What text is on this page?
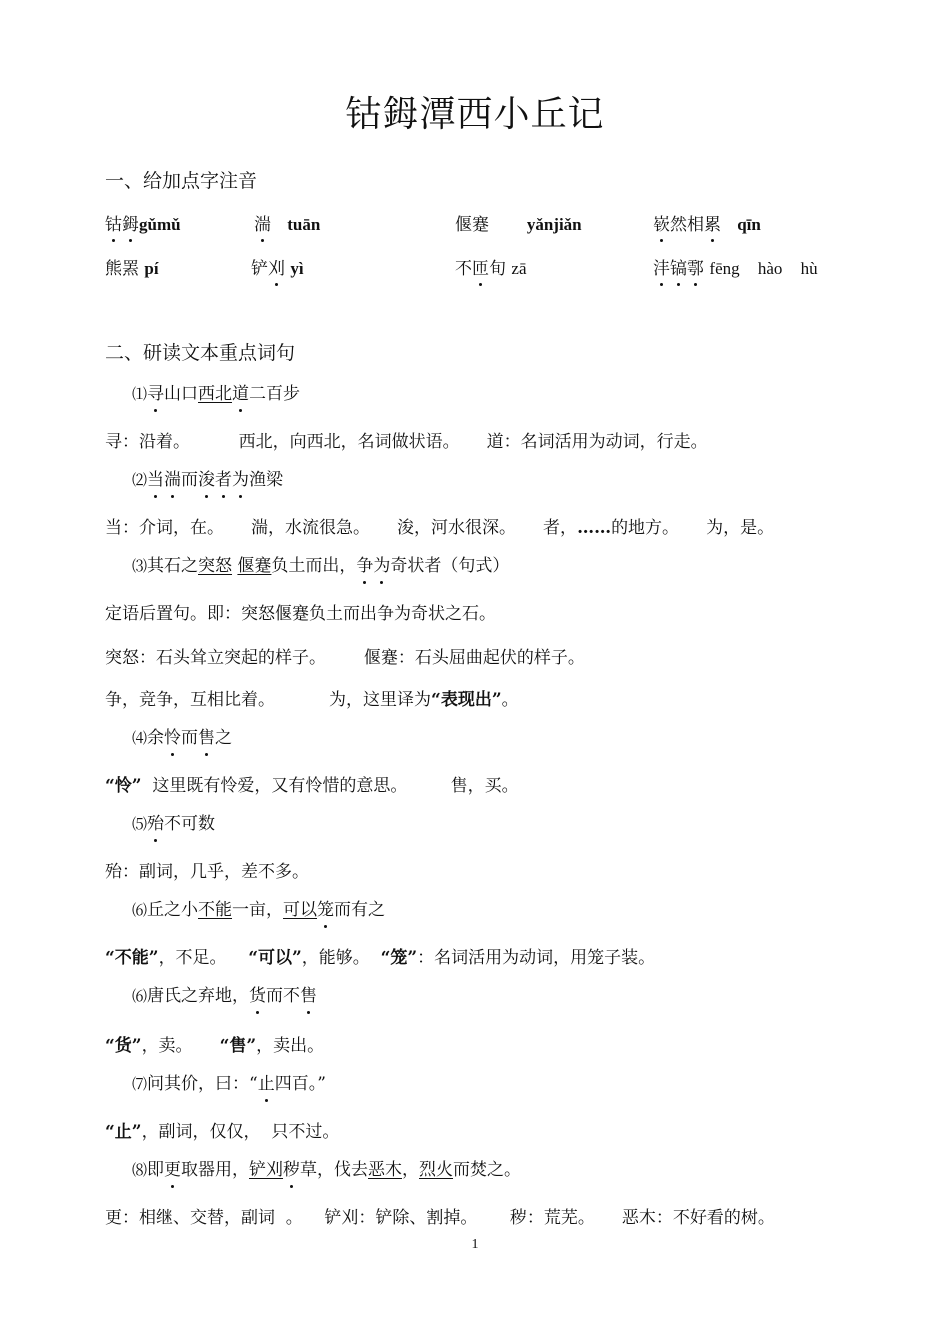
钴鉧潭西小丘记
一、给加点字注音
钴鉧gǔmǔ	湍 tuān	偃蹇 yǎnjiǎn	嵚然相累 qīn
熊罴 pí	铲刈 yì	不匝旬 zā	沣镐鄠 fēng hào hù
二、研读文本重点词句
⑴寻山口西北道二百步
寻：沿着。         西北，向西北，名词做状语。     道：名词活用为动词，行走。
⑵当湍而浚者为渔梁
当：介词，在。     湍，水流很急。     浚，河水很深。     者，……的地方。     为，是。
⑶其石之突怒 偃蹇负土而出，争为奇状者（句式）
定语后置句。即：突怒偃蹇负土而出争为奇状之石。
突怒：石头耸立突起的样子。       偃蹇：石头屈曲起伏的样子。
争，竞争，互相比着。          为，这里译为“表现出”。
⑷余怜而售之
“怜”  这里既有怜爱，又有怜惜的意思。        售，买。
⑸殆不可数
殆：副词，几乎，差不多。
⑹丘之小不能一亩，可以笼而有之
“不能”，不足。    “可以”，能够。  “笼”：名词活用为动词，用笼子装。
⑹唐氏之弃地，货而不售
“货”，卖。     “售”，卖出。
⑺问其价，曰：“止四百。”
“止”，副词，仅仅，  只不过。
⑻即更取器用，铲刈秽草，伐去恶木，烈火而焚之。
更：相继、交替，副词  。    铲刈：铲除、割掉。      秽：荒芜。     恶木：不好看的树。
1
